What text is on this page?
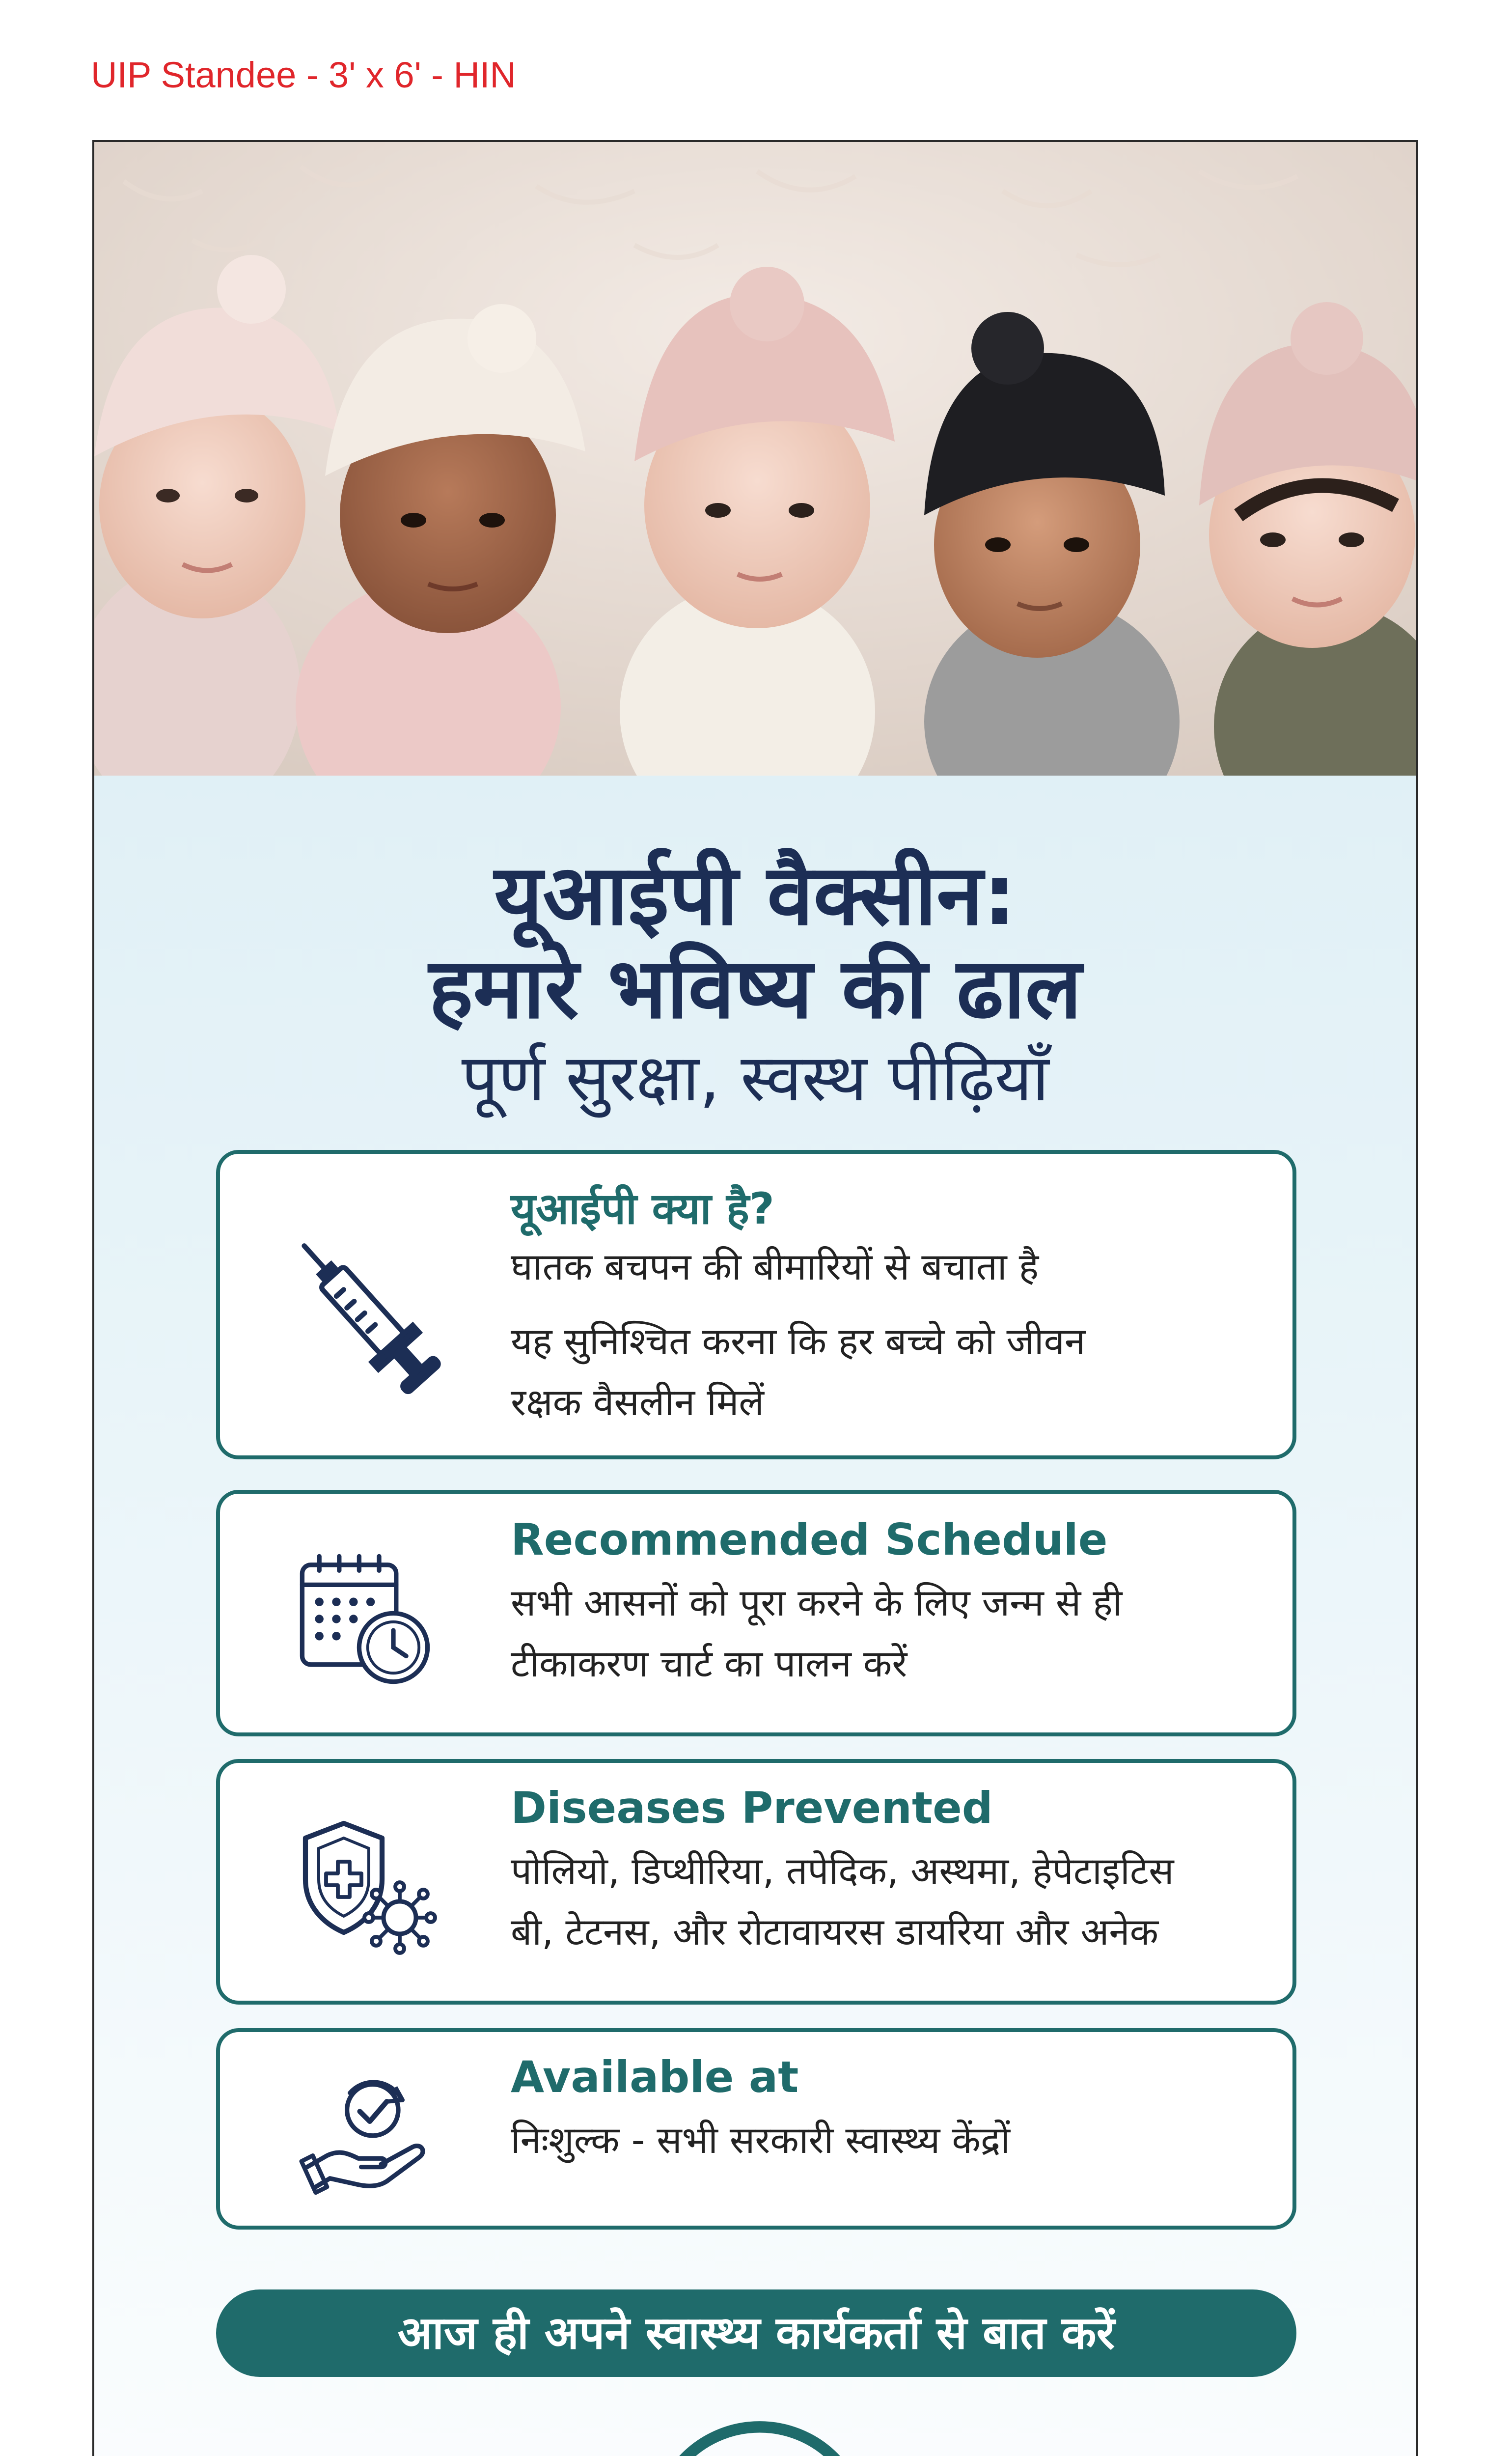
UIP Standee - 3' x 6' - HIN
यूआईपी वैक्सीन:
हमारे भविष्य की ढाल
पूर्ण सुरक्षा, स्वस्थ पीढ़ियाँ
यूआईपी क्या है?
घातक बचपन की बीमारियों से बचाता है
यह सुनिश्चित करना कि हर बच्चे को जीवन
रक्षक वैसलीन मिलें
Recommended Schedule
सभी आसनों को पूरा करने के लिए जन्म से ही
टीकाकरण चार्ट का पालन करें
Diseases Prevented
पोलियो, डिप्थीरिया, तपेदिक, अस्थमा, हेपेटाइटिस
बी, टेटनस, और रोटावायरस डायरिया और अनेक
Available at
निःशुल्क - सभी सरकारी स्वास्थ्य केंद्रों
आज ही अपने स्वास्थ्य कार्यकर्ता से बात करें
